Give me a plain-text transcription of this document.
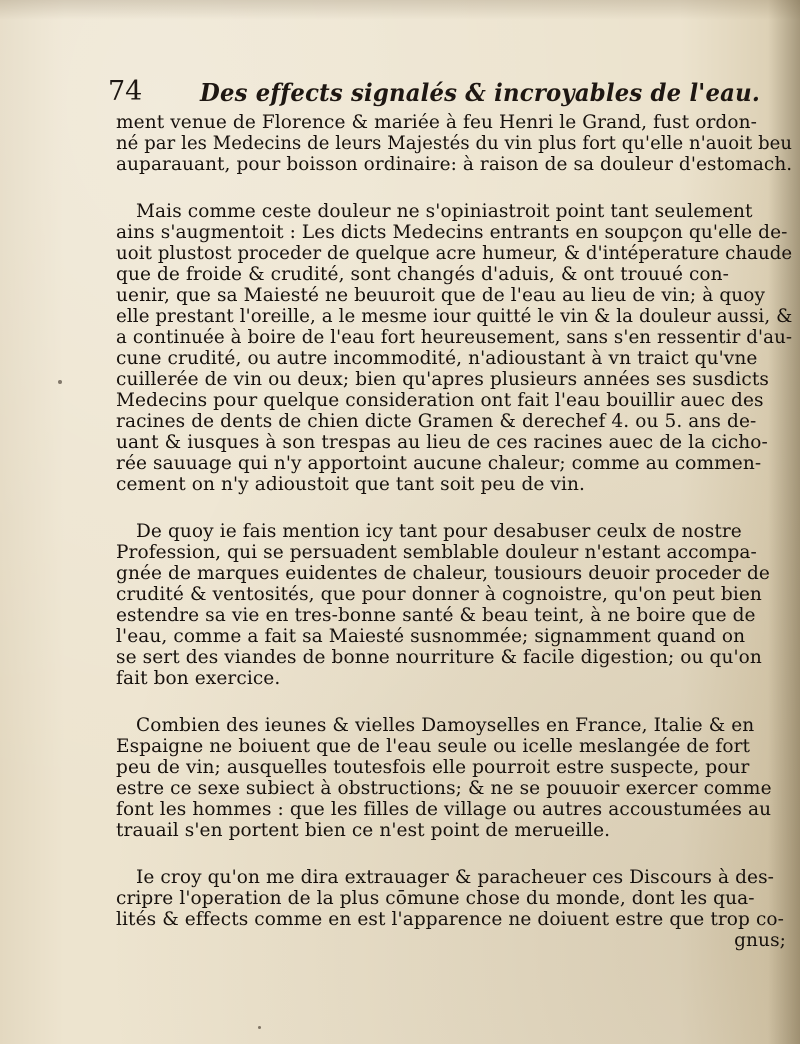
74 Des effects signalés & incroyables de l'eau.

ment venue de Florence & mariée à feu Henri le Grand, fust ordon-
né par les Medecins de leurs Majestés du vin plus fort qu'elle n'auoit beu
auparauant, pour boisson ordinaire: à raison de sa douleur d'estomach.

Mais comme ceste douleur ne s'opiniastroit point tant seulement
ains s'augmentoit : Les dicts Medecins entrants en soupçon qu'elle de-
uoit plustost proceder de quelque acre humeur, & d'intéperature chaude
que de froide & crudité, sont changés d'aduis, & ont trouué con-
uenir, que sa Maiesté ne beuuroit que de l'eau au lieu de vin; à quoy
elle prestant l'oreille, a le mesme iour quitté le vin & la douleur aussi, &
a continuée à boire de l'eau fort heureusement, sans s'en ressentir d'au-
cune crudité, ou autre incommodité, n'adioustant à vn traict qu'vne
cuillerée de vin ou deux; bien qu'apres plusieurs années ses susdicts
Medecins pour quelque consideration ont fait l'eau bouillir auec des
racines de dents de chien dicte Gramen & derechef 4. ou 5. ans de-
uant & iusques à son trespas au lieu de ces racines auec de la cicho-
rée sauuage qui n'y apportoint aucune chaleur; comme au commen-
cement on n'y adioustoit que tant soit peu de vin.

De quoy ie fais mention icy tant pour desabuser ceulx de nostre
Profession, qui se persuadent semblable douleur n'estant accompa-
gnée de marques euidentes de chaleur, tousiours deuoir proceder de
crudité & ventosités, que pour donner à cognoistre, qu'on peut bien
estendre sa vie en tres-bonne santé & beau teint, à ne boire que de
l'eau, comme a fait sa Maiesté susnommée; signamment quand on
se sert des viandes de bonne nourriture & facile digestion; ou qu'on
fait bon exercice.

Combien des ieunes & vielles Damoyselles en France, Italie & en
Espaigne ne boiuent que de l'eau seule ou icelle meslangée de fort
peu de vin; ausquelles toutesfois elle pourroit estre suspecte, pour
estre ce sexe subiect à obstructions; & ne se pouuoir exercer comme
font les hommes : que les filles de village ou autres accoustumées au
trauail s'en portent bien ce n'est point de merueille.

Ie croy qu'on me dira extrauager & paracheuer ces Discours à des-
cripre l'operation de la plus cōmune chose du monde, dont les qua-
lités & effects comme en est l'apparence ne doiuent estre que trop co-
gnus;
